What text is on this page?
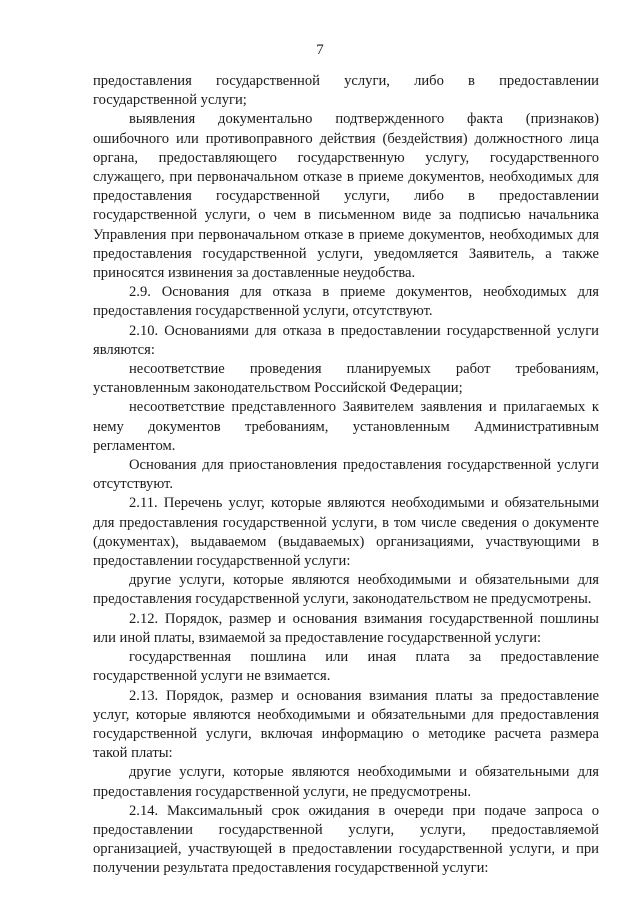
7

предоставления государственной услуги, либо в предоставлении государственной услуги;

выявления документально подтвержденного факта (признаков) ошибочного или противоправного действия (бездействия) должностного лица органа, предоставляющего государственную услугу, государственного служащего, при первоначальном отказе в приеме документов, необходимых для предоставления государственной услуги, либо в предоставлении государственной услуги, о чем в письменном виде за подписью начальника Управления при первоначальном отказе в приеме документов, необходимых для предоставления государственной услуги, уведомляется Заявитель, а также приносятся извинения за доставленные неудобства.

2.9. Основания для отказа в приеме документов, необходимых для предоставления государственной услуги, отсутствуют.

2.10. Основаниями для отказа в предоставлении государственной услуги являются:

несоответствие проведения планируемых работ требованиям, установленным законодательством Российской Федерации;

несоответствие представленного Заявителем заявления и прилагаемых к нему документов требованиям, установленным Административным регламентом.

Основания для приостановления предоставления государственной услуги отсутствуют.

2.11. Перечень услуг, которые являются необходимыми и обязательными для предоставления государственной услуги, в том числе сведения о документе (документах), выдаваемом (выдаваемых) организациями, участвующими в предоставлении государственной услуги:

другие услуги, которые являются необходимыми и обязательными для предоставления государственной услуги, законодательством не предусмотрены.

2.12. Порядок, размер и основания взимания государственной пошлины или иной платы, взимаемой за предоставление государственной услуги:

государственная пошлина или иная плата за предоставление государственной услуги не взимается.

2.13. Порядок, размер и основания взимания платы за предоставление услуг, которые являются необходимыми и обязательными для предоставления государственной услуги, включая информацию о методике расчета размера такой платы:

другие услуги, которые являются необходимыми и обязательными для предоставления государственной услуги, не предусмотрены.

2.14. Максимальный срок ожидания в очереди при подаче запроса о предоставлении государственной услуги, услуги, предоставляемой организацией, участвующей в предоставлении государственной услуги, и при получении результата предоставления государственной услуги:
